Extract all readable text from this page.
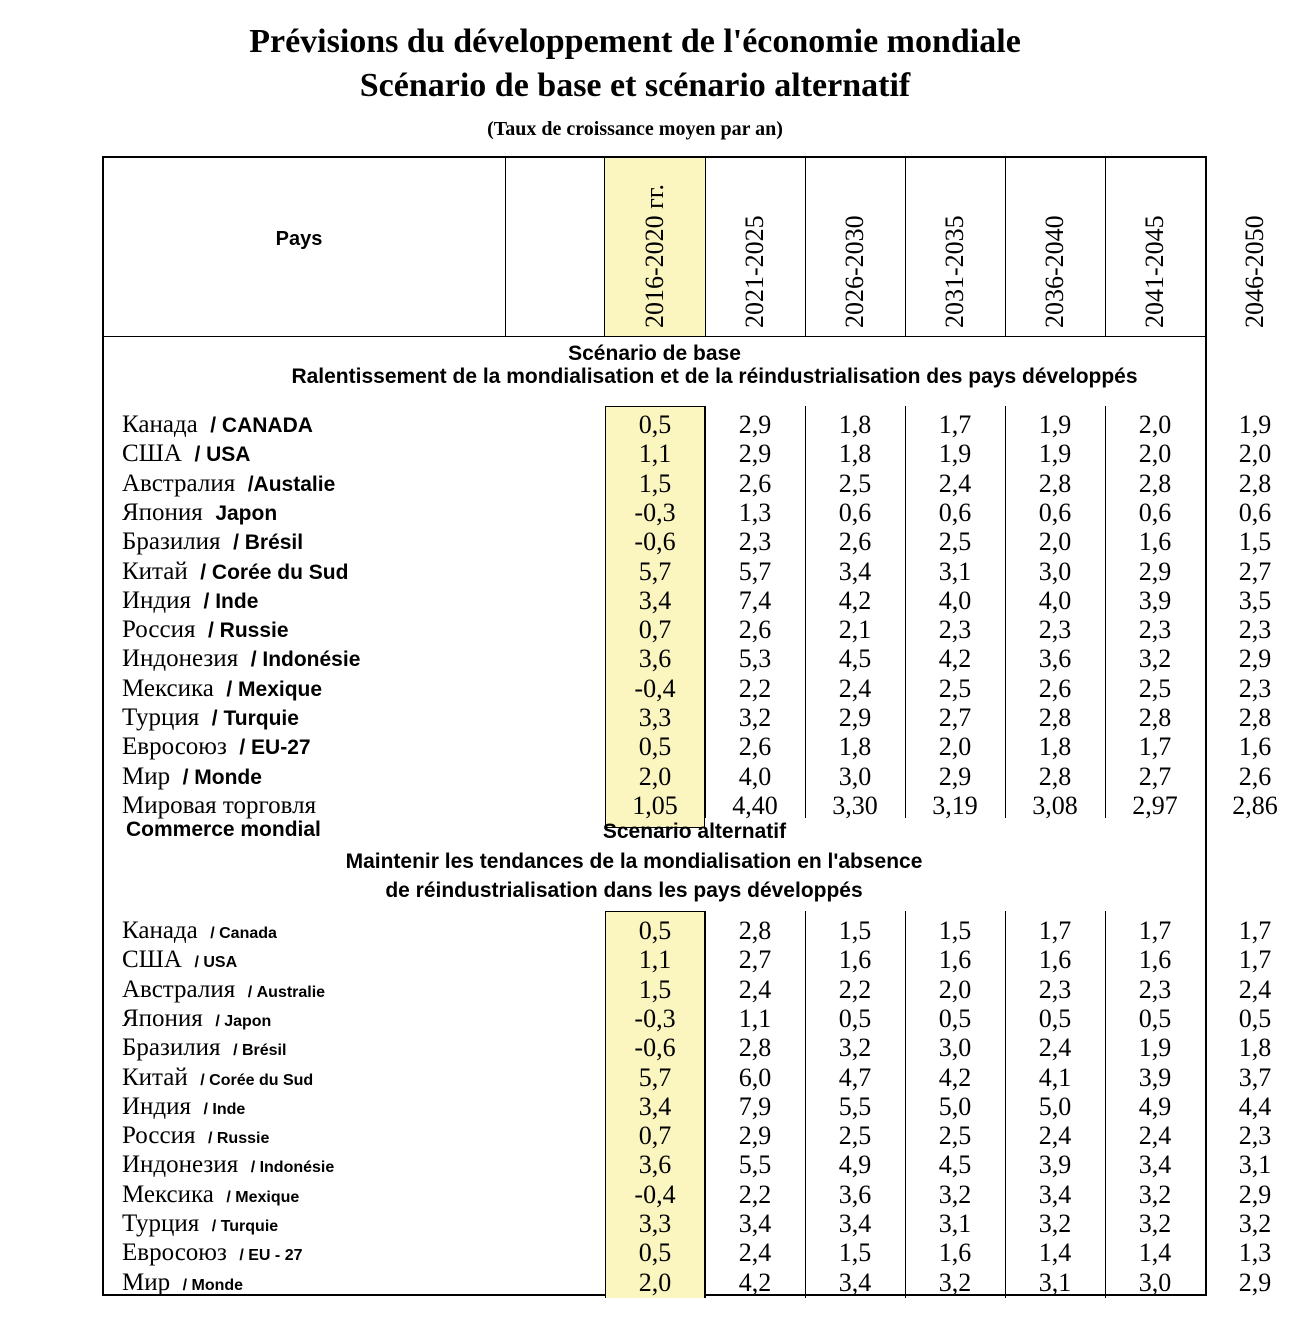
Prévisions du développement de l'économie mondiale
Scénario de base et scénario alternatif
(Taux de croissance moyen par an)
Pays	2016-2020 гг.	2021-2025	2026-2030	2031-2035	2036-2040	2041-2045	2046-2050
Scénario de base
Ralentissement de la mondialisation et de la réindustrialisation des pays développés
Канада / CANADA	0,5	2,9	1,8	1,7	1,9	2,0	1,9
США / USA	1,1	2,9	1,8	1,9	1,9	2,0	2,0
Австралия /Austalie	1,5	2,6	2,5	2,4	2,8	2,8	2,8
Япония Japon	-0,3	1,3	0,6	0,6	0,6	0,6	0,6
Бразилия / Brésil	-0,6	2,3	2,6	2,5	2,0	1,6	1,5
Китай / Corée du Sud	5,7	5,7	3,4	3,1	3,0	2,9	2,7
Индия / Inde	3,4	7,4	4,2	4,0	4,0	3,9	3,5
Россия / Russie	0,7	2,6	2,1	2,3	2,3	2,3	2,3
Индонезия / Indonésie	3,6	5,3	4,5	4,2	3,6	3,2	2,9
Мексика / Mexique	-0,4	2,2	2,4	2,5	2,6	2,5	2,3
Турция / Turquie	3,3	3,2	2,9	2,7	2,8	2,8	2,8
Евросоюз / EU-27	0,5	2,6	1,8	2,0	1,8	1,7	1,6
Мир / Monde	2,0	4,0	3,0	2,9	2,8	2,7	2,6
Мировая торговля	1,05	4,40	3,30	3,19	3,08	2,97	2,86
Commerce mondial	Scenario alternatif
Maintenir les tendances de la mondialisation en l'absence
de réindustrialisation dans les pays développés
Канада / Canada	0,5	2,8	1,5	1,5	1,7	1,7	1,7
США / USA	1,1	2,7	1,6	1,6	1,6	1,6	1,7
Австралия / Australie	1,5	2,4	2,2	2,0	2,3	2,3	2,4
Япония / Japon	-0,3	1,1	0,5	0,5	0,5	0,5	0,5
Бразилия / Brésil	-0,6	2,8	3,2	3,0	2,4	1,9	1,8
Китай / Corée du Sud	5,7	6,0	4,7	4,2	4,1	3,9	3,7
Индия / Inde	3,4	7,9	5,5	5,0	5,0	4,9	4,4
Россия / Russie	0,7	2,9	2,5	2,5	2,4	2,4	2,3
Индонезия / Indonésie	3,6	5,5	4,9	4,5	3,9	3,4	3,1
Мексика / Mexique	-0,4	2,2	3,6	3,2	3,4	3,2	2,9
Турция / Turquie	3,3	3,4	3,4	3,1	3,2	3,2	3,2
Евросоюз / EU - 27	0,5	2,4	1,5	1,6	1,4	1,4	1,3
Мир / Monde	2,0	4,2	3,4	3,2	3,1	3,0	2,9
